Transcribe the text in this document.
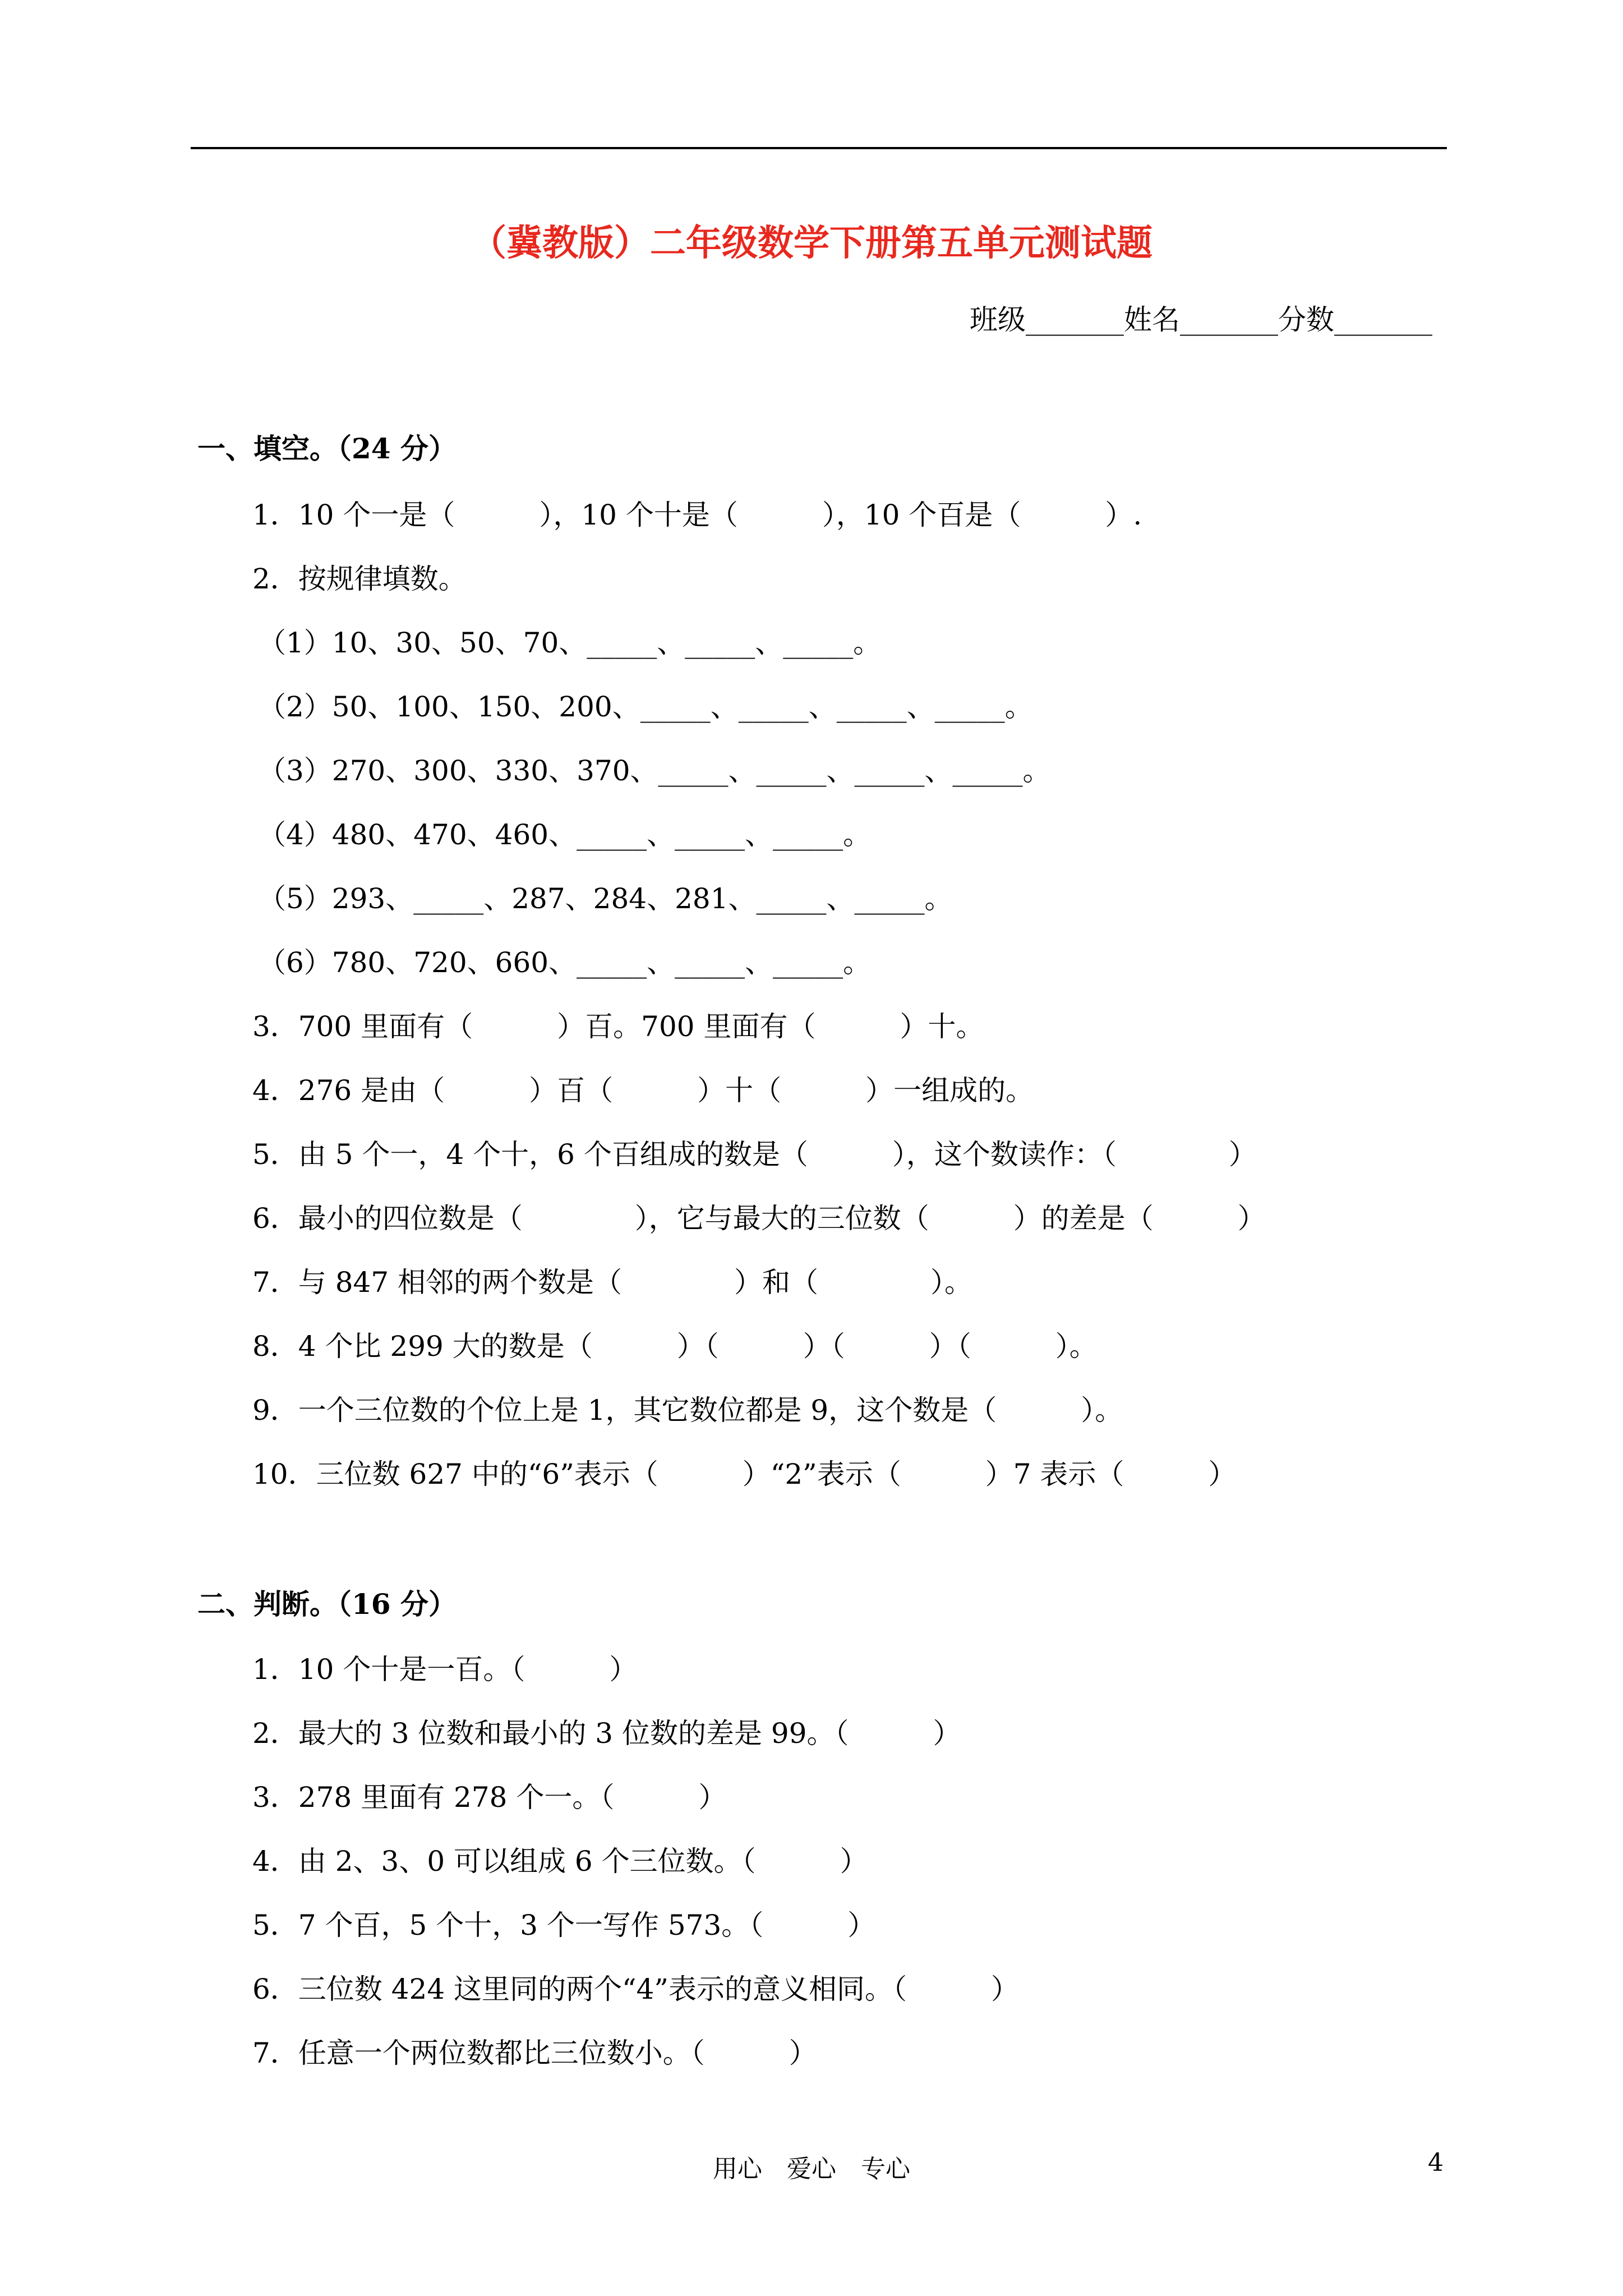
（冀教版）二年级数学下册第五单元测试题
班级_______姓名_______分数_______
一、填空。（24 分）
1．10 个一是（　　　），10 个十是（　　　），10 个百是（　　　）.
2．按规律填数。
（1）10、30、50、70、_____、_____、_____。
（2）50、100、150、200、_____、_____、_____、_____。
（3）270、300、330、370、_____、_____、_____、_____。
（4）480、470、460、_____、_____、_____。
（5）293、_____、287、284、281、_____、_____。
（6）780、720、660、_____、_____、_____。
3．700 里面有（　　　）百。700 里面有（　　　）十。
4．276 是由（　　　）百（　　　）十（　　　）一组成的。
5．由 5 个一，4 个十，6 个百组成的数是（　　　），这个数读作：（　　　　）
6．最小的四位数是（　　　　），它与最大的三位数（　　　）的差是（　　　）
7．与 847 相邻的两个数是（　　　　）和（　　　　）。
8．4 个比 299 大的数是（　　　）（　　　）（　　　）（　　　）。
9．一个三位数的个位上是 1，其它数位都是 9，这个数是（　　　）。
10．三位数 627 中的“6”表示（　　　）“2”表示（　　　）7 表示（　　　）
二、判断。（16 分）
1．10 个十是一百。（　　　）
2．最大的 3 位数和最小的 3 位数的差是 99。（　　　）
3．278 里面有 278 个一。（　　　）
4．由 2、3、0 可以组成 6 个三位数。（　　　）
5．7 个百，5 个十，3 个一写作 573。（　　　）
6．三位数 424 这里同的两个“4”表示的意义相同。（　　　）
7．任意一个两位数都比三位数小。（　　　）
用心　爱心　专心	4
